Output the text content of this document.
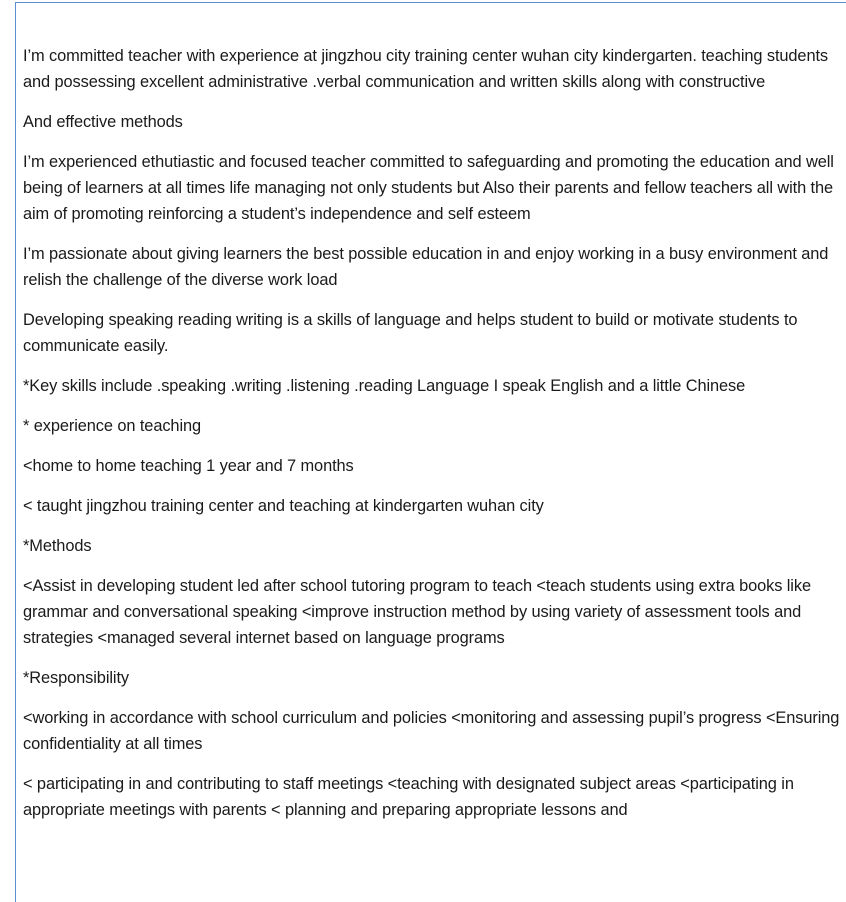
I’m committed teacher with experience at jingzhou city training center wuhan city kindergarten. teaching students and possessing excellent administrative .verbal communication and written skills along with constructive

And effective methods

I’m experienced ethutiastic and focused teacher committed to safeguarding and promoting the education and well being of learners at all times life managing not only students but Also their parents and fellow teachers all with the aim of promoting reinforcing a student’s independence and self esteem

I’m passionate about giving learners the best possible education in and enjoy working in a busy environment and relish the challenge of the diverse work load

Developing speaking reading writing is a skills of language and helps student to build or motivate students to communicate easily.

*Key skills include .speaking .writing .listening .reading Language I speak English and a little Chinese

* experience on teaching

<home to home teaching 1 year and 7 months

< taught jingzhou training center and teaching at kindergarten wuhan city

*Methods

<Assist in developing student led after school tutoring program to teach <teach students using extra books like grammar and conversational speaking <improve instruction method by using variety of assessment tools and strategies <managed several internet based on language programs

*Responsibility

<working in accordance with school curriculum and policies <monitoring and assessing pupil’s progress <Ensuring confidentiality at all times

< participating in and contributing to staff meetings <teaching with designated subject areas <participating in appropriate meetings with parents < planning and preparing appropriate lessons and
